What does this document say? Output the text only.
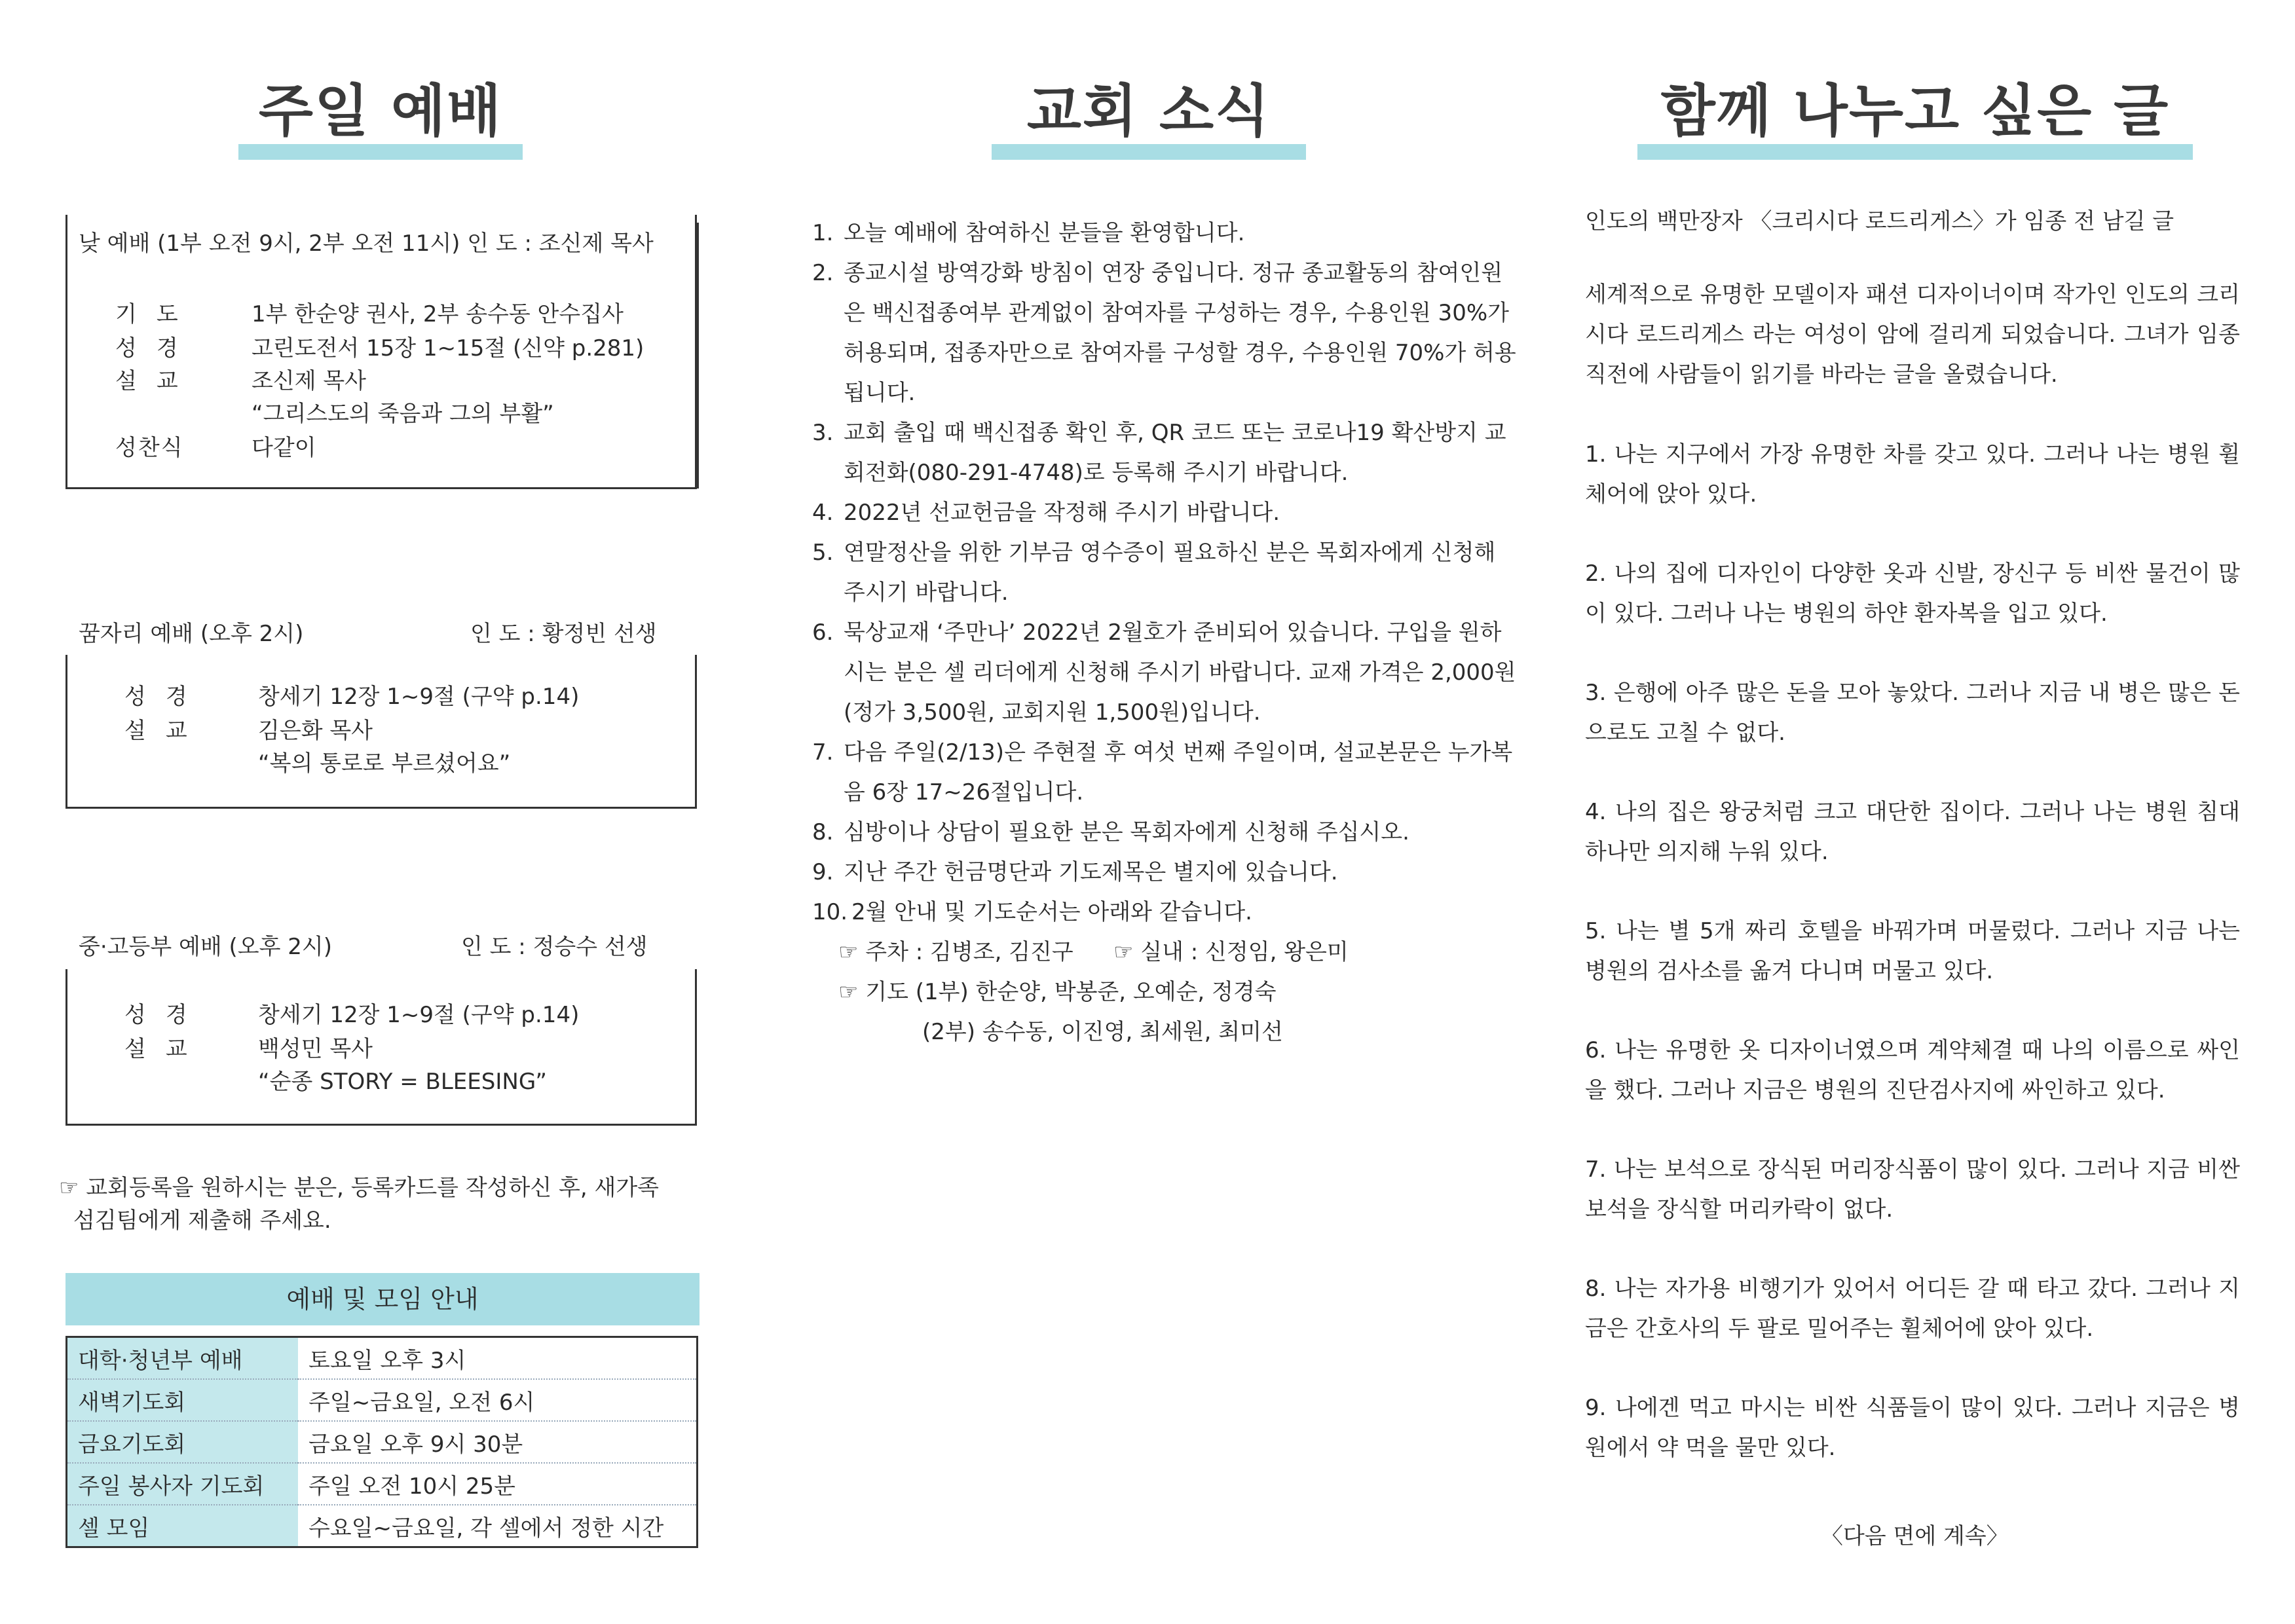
주일 예배
낮 예배 (1부 오전 9시, 2부 오전 11시) 인 도 : 조신제 목사
기도 1부 한순양 권사, 2부 송수동 안수집사
성경 고린도전서 15장 1~15절 (신약 p.281)
설교 조신제 목사
“그리스도의 죽음과 그의 부활”
성찬식	다같이
꿈자리 예배 (오후 2시)	인 도 : 황정빈 선생
성경 창세기 12장 1~9절 (구약 p.14)
설교 김은화 목사
“복의 통로로 부르셨어요”
중·고등부 예배 (오후 2시)	인 도 : 정승수 선생
성경 창세기 12장 1~9절 (구약 p.14)
설교 백성민 목사
“순종 STORY = BLEESING”
☞ 교회등록을 원하시는 분은, 등록카드를 작성하신 후, 새가족
섬김팀에게 제출해 주세요.
예배 및 모임 안내
대학·청년부 예배	토요일 오후 3시
새벽기도회	주일~금요일, 오전 6시
금요기도회	금요일 오후 9시 30분
주일 봉사자 기도회	주일 오전 10시 25분
셀 모임	수요일~금요일, 각 셀에서 정한 시간
교회 소식
1. 오늘 예배에 참여하신 분들을 환영합니다.

2. 종교시설 방역강화 방침이 연장 중입니다. 정규 종교활동의 참여인원은 백신접종여부 관계없이 참여자를 구성하는 경우, 수용인원 30%가 허용되며, 접종자만으로 참여자를 구성할 경우, 수용인원 70%가 허용됩니다.

3. 교회 출입 때 백신접종 확인 후, QR 코드 또는 코로나19 확산방지 교회전화(080-291-4748)로 등록해 주시기 바랍니다.

4. 2022년 선교헌금을 작정해 주시기 바랍니다.

5. 연말정산을 위한 기부금 영수증이 필요하신 분은 목회자에게 신청해 주시기 바랍니다.

6. 묵상교재 ‘주만나’ 2022년 2월호가 준비되어 있습니다. 구입을 원하시는 분은 셀 리더에게 신청해 주시기 바랍니다. 교재 가격은 2,000원(정가 3,500원, 교회지원 1,500원)입니다.

7. 다음 주일(2/13)은 주현절 후 여섯 번째 주일이며, 설교본문은 누가복음 6장 17~26절입니다.

8. 심방이나 상담이 필요한 분은 목회자에게 신청해 주십시오.

9. 지난 주간 헌금명단과 기도제목은 별지에 있습니다.

10. 2월 안내 및 기도순서는 아래와 같습니다.

☞ 주차 : 김병조, 김진구 ☞ 실내 : 신정임, 왕은미
☞ 기도 (1부) 한순양, 박봉준, 오예순, 정경숙
(2부) 송수동, 이진영, 최세원, 최미선
함께 나누고 싶은 글
인도의 백만장자 〈크리시다 로드리게스〉가 임종 전 남길 글

세계적으로 유명한 모델이자 패션 디자이너이며 작가인 인도의 크리시다 로드리게스 라는 여성이 암에 걸리게 되었습니다. 그녀가 임종 직전에 사람들이 읽기를 바라는 글을 올렸습니다.

1. 나는 지구에서 가장 유명한 차를 갖고 있다. 그러나 나는 병원 휠체어에 앉아 있다.

2. 나의 집에 디자인이 다양한 옷과 신발, 장신구 등 비싼 물건이 많이 있다. 그러나 나는 병원의 하얀 환자복을 입고 있다.

3. 은행에 아주 많은 돈을 모아 놓았다. 그러나 지금 내 병은 많은 돈으로도 고칠 수 없다.

4. 나의 집은 왕궁처럼 크고 대단한 집이다. 그러나 나는 병원 침대 하나만 의지해 누워 있다.

5. 나는 별 5개 짜리 호텔을 바꿔가며 머물렀다. 그러나 지금 나는 병원의 검사소를 옮겨 다니며 머물고 있다.

6. 나는 유명한 옷 디자이너였으며 계약체결 때 나의 이름으로 싸인을 했다. 그러나 지금은 병원의 진단검사지에 싸인하고 있다.

7. 나는 보석으로 장식된 머리장식품이 많이 있다. 그러나 지금 비싼 보석을 장식할 머리카락이 없다.

8. 나는 자가용 비행기가 있어서 어디든 갈 때 타고 갔다. 그러나 지금은 간호사의 두 팔로 밀어주는 휠체어에 앉아 있다.

9. 나에겐 먹고 마시는 비싼 식품들이 많이 있다. 그러나 지금은 병원에서 약 먹을 물만 있다.

〈다음 면에 계속〉
